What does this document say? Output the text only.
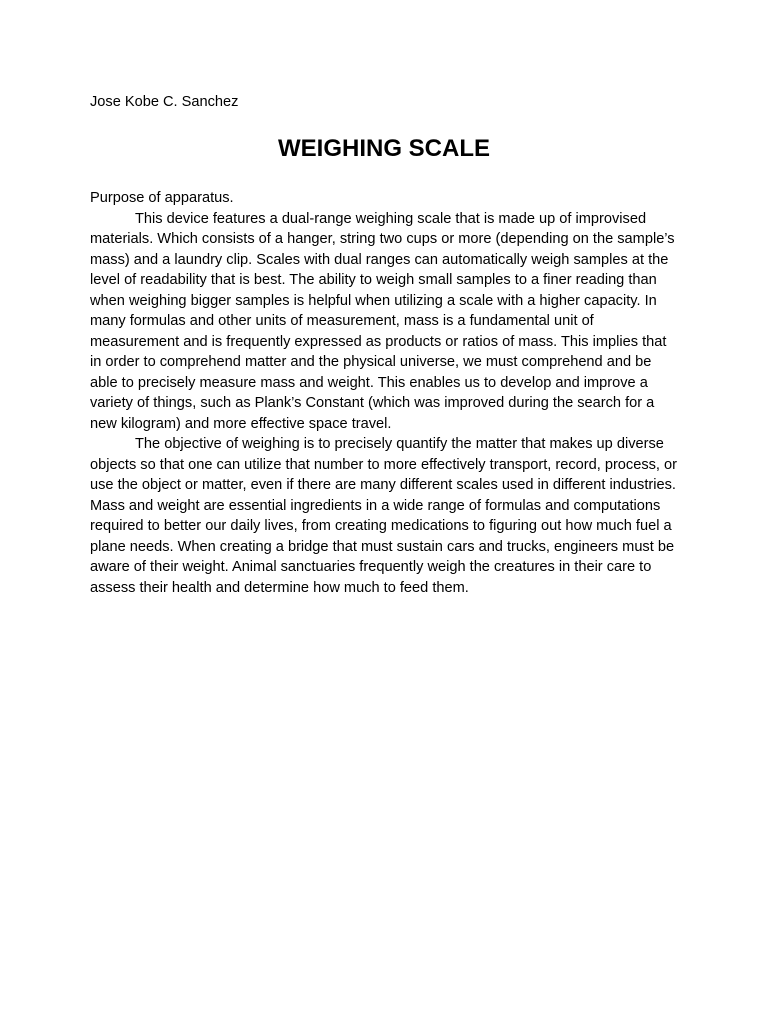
Jose Kobe C. Sanchez

WEIGHING SCALE

Purpose of apparatus.

This device features a dual-range weighing scale that is made up of improvised materials. Which consists of a hanger, string two cups or more (depending on the sample’s mass) and a laundry clip. Scales with dual ranges can automatically weigh samples at the level of readability that is best. The ability to weigh small samples to a finer reading than when weighing bigger samples is helpful when utilizing a scale with a higher capacity. In many formulas and other units of measurement, mass is a fundamental unit of measurement and is frequently expressed as products or ratios of mass. This implies that in order to comprehend matter and the physical universe, we must comprehend and be able to precisely measure mass and weight. This enables us to develop and improve a variety of things, such as Plank’s Constant (which was improved during the search for a new kilogram) and more effective space travel.

The objective of weighing is to precisely quantify the matter that makes up diverse objects so that one can utilize that number to more effectively transport, record, process, or use the object or matter, even if there are many different scales used in different industries. Mass and weight are essential ingredients in a wide range of formulas and computations required to better our daily lives, from creating medications to figuring out how much fuel a plane needs. When creating a bridge that must sustain cars and trucks, engineers must be aware of their weight. Animal sanctuaries frequently weigh the creatures in their care to assess their health and determine how much to feed them.
